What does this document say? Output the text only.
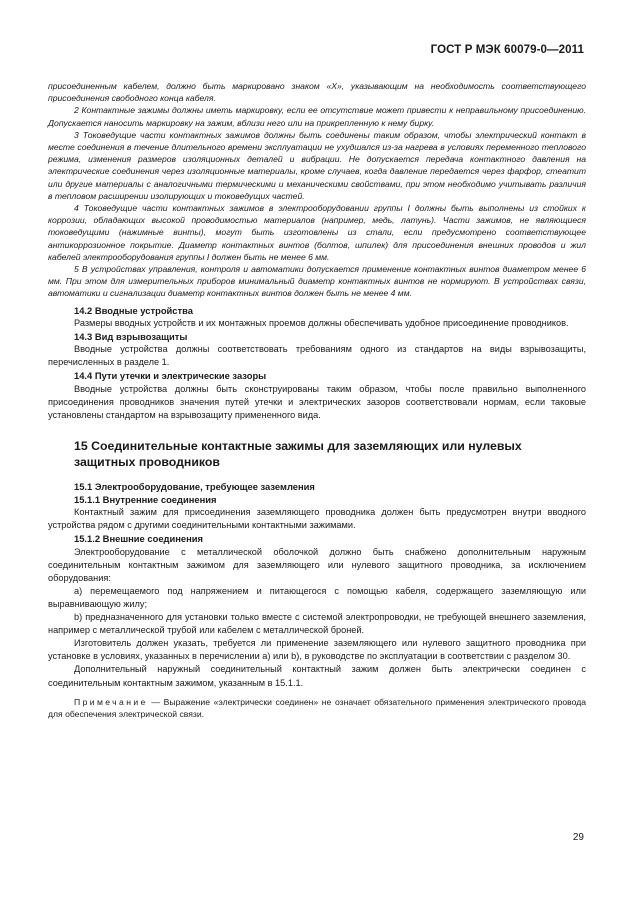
ГОСТ Р МЭК 60079-0—2011

присоединенным кабелем, должно быть маркировано знаком «X», указывающим на необходимость соответствующего присоединения свободного конца кабеля.

2 Контактные зажимы должны иметь маркировку, если ее отсутствие может привести к неправильному присоединению. Допускается наносить маркировку на зажим, вблизи него или на прикрепленную к нему бирку.

3 Токоведущие части контактных зажимов должны быть соединены таким образом, чтобы электрический контакт в месте соединения в течение длительного времени эксплуатации не ухудшался из-за нагрева в условиях переменного теплового режима, изменения размеров изоляционных деталей и вибрации. Не допускается передача контактного давления на электрические соединения через изоляционные материалы, кроме случаев, когда давление передается через фарфор, стеатит или другие материалы с аналогичными термическими и механическими свойствами, при этом необходимо учитывать различия в тепловом расширении изолирующих и токоведущих частей.

4 Токоведущие части контактных зажимов в электрооборудовании группы I должны быть выполнены из стойких к коррозии, обладающих высокой проводимостью материалов (например, медь, латунь). Части зажимов, не являющиеся токоведущими (нажимные винты), могут быть изготовлены из стали, если предусмотрено соответствующее антикоррозионное покрытие. Диаметр контактных винтов (болтов, шпилек) для присоединения внешних проводов и жил кабелей электрооборудования группы I должен быть не менее 6 мм.

5 В устройствах управления, контроля и автоматики допускается применение контактных винтов диаметром менее 6 мм. При этом для измерительных приборов минимальный диаметр контактных винтов не нормируют. В устройствах связи, автоматики и сигнализации диаметр контактных винтов должен быть не менее 4 мм.

14.2 Вводные устройства

Размеры вводных устройств и их монтажных проемов должны обеспечивать удобное присоединение проводников.

14.3 Вид взрывозащиты

Вводные устройства должны соответствовать требованиям одного из стандартов на виды взрывозащиты, перечисленных в разделе 1.

14.4 Пути утечки и электрические зазоры

Вводные устройства должны быть сконструированы таким образом, чтобы после правильно выполненного присоединения проводников значения путей утечки и электрических зазоров соответствовали нормам, если таковые установлены стандартом на взрывозащиту примененного вида.

15 Соединительные контактные зажимы для заземляющих или нулевых защитных проводников

15.1 Электрооборудование, требующее заземления

15.1.1 Внутренние соединения

Контактный зажим для присоединения заземляющего проводника должен быть предусмотрен внутри вводного устройства рядом с другими соединительными контактными зажимами.

15.1.2 Внешние соединения

Электрооборудование с металлической оболочкой должно быть снабжено дополнительным наружным соединительным контактным зажимом для заземляющего или нулевого защитного проводника, за исключением оборудования:

а) перемещаемого под напряжением и питающегося с помощью кабеля, содержащего заземляющую или выравнивающую жилу;

b) предназначенного для установки только вместе с системой электропроводки, не требующей внешнего заземления, например с металлической трубой или кабелем с металлической броней.

Изготовитель должен указать, требуется ли применение заземляющего или нулевого защитного проводника при установке в условиях, указанных в перечислении а) или b), в руководстве по эксплуатации в соответствии с разделом 30.

Дополнительный наружный соединительный контактный зажим должен быть электрически соединен с соединительным контактным зажимом, указанным в 15.1.1.

Примечание — Выражение «электрически соединен» не означает обязательного применения электрического провода для обеспечения электрической связи.

29
